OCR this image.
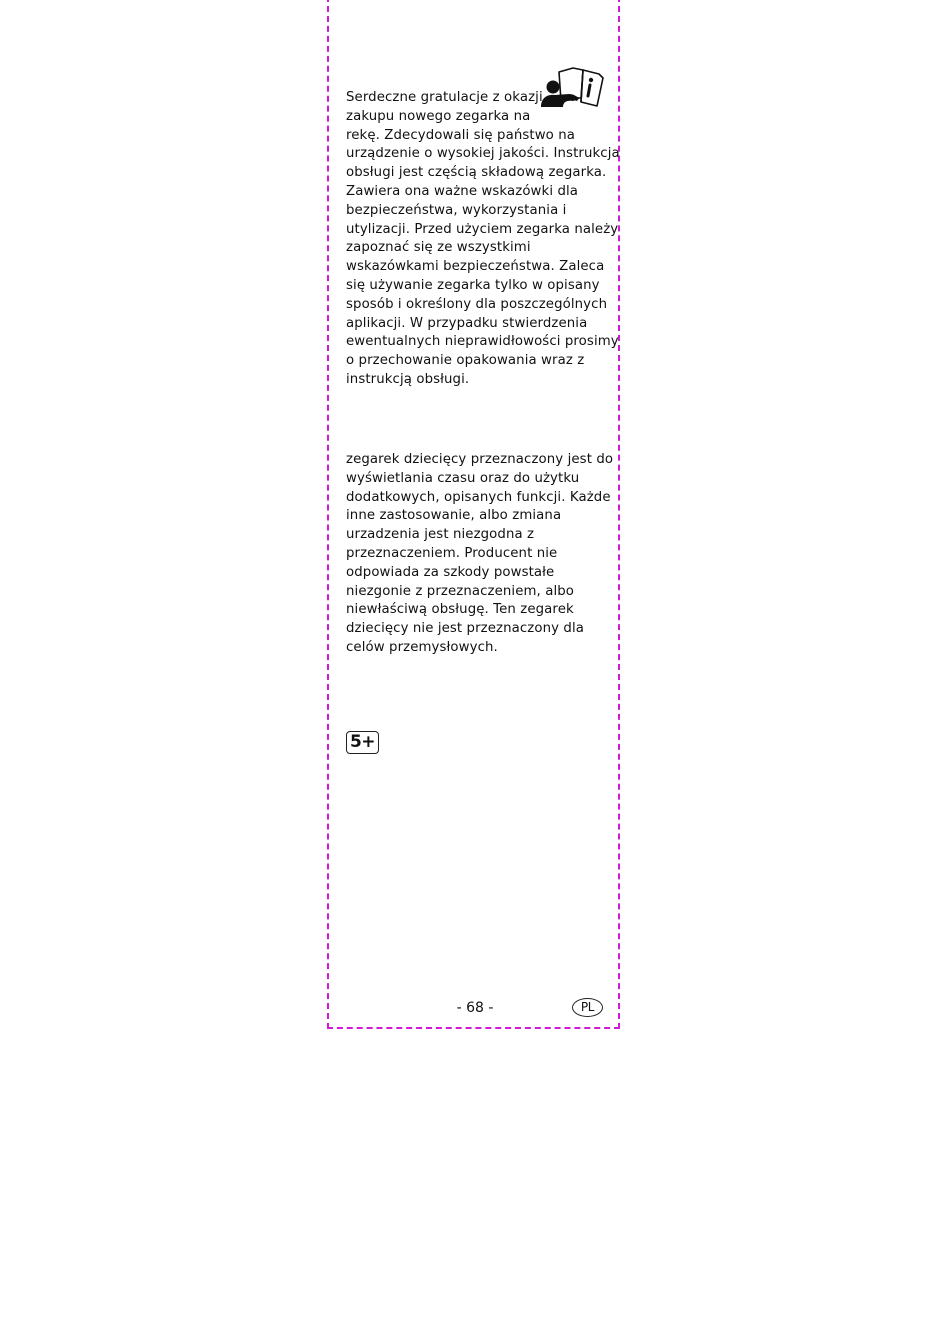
Serdeczne gratulacje z okazji
zakupu nowego zegarka na
rekę. Zdecydowali się państwo na
urządzenie o wysokiej jakości. Instrukcja
obsługi jest częścią składową zegarka.
Zawiera ona ważne wskazówki dla
bezpieczeństwa, wykorzystania i
utylizacji. Przed użyciem zegarka należy
zapoznać się ze wszystkimi
wskazówkami bezpieczeństwa. Zaleca
się używanie zegarka tylko w opisany
sposób i określony dla poszczególnych
aplikacji. W przypadku stwierdzenia
ewentualnych nieprawidłowości prosimy
o przechowanie opakowania wraz z
instrukcją obsługi.

zegarek dziecięcy przeznaczony jest do
wyświetlania czasu oraz do użytku
dodatkowych, opisanych funkcji. Każde
inne zastosowanie, albo zmiana
urzadzenia jest niezgodna z
przeznaczeniem. Producent nie
odpowiada za szkody powstałe
niezgonie z przeznaczeniem, albo
niewłaściwą obsługę. Ten zegarek
dziecięcy nie jest przeznaczony dla
celów przemysłowych.

5+
- 68 -	PL
